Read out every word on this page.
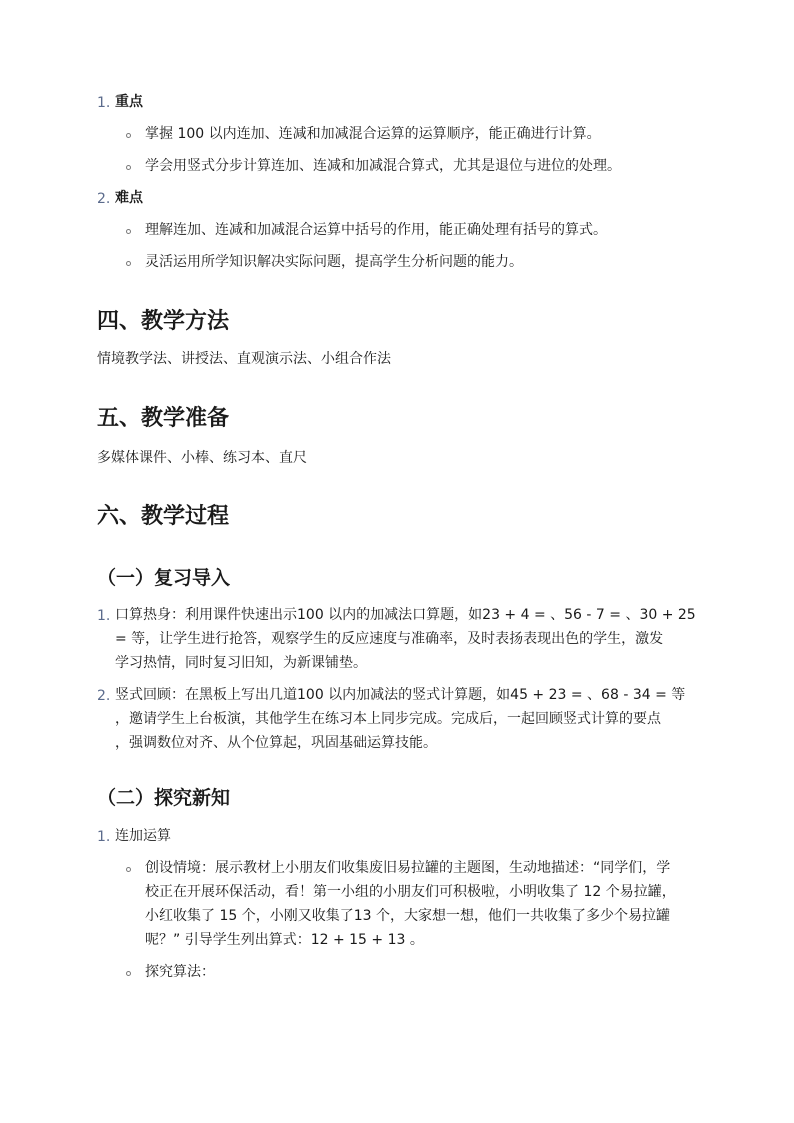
1. 重点
掌握 100 以内连加、连减和加减混合运算的运算顺序，能正确进行计算。
学会用竖式分步计算连加、连减和加减混合算式，尤其是退位与进位的处理。
2. 难点
理解连加、连减和加减混合运算中括号的作用，能正确处理有括号的算式。
灵活运用所学知识解决实际问题，提高学生分析问题的能力。
四、教学方法
情境教学法、讲授法、直观演示法、小组合作法
五、教学准备
多媒体课件、小棒、练习本、直尺
六、教学过程
（一）复习导入
1. 口算热身：利用课件快速出示100 以内的加减法口算题，如23 + 4 = 、56 - 7 = 、30 + 25
= 等，让学生进行抢答，观察学生的反应速度与准确率，及时表扬表现出色的学生，激发
学习热情，同时复习旧知，为新课铺垫。
2. 竖式回顾：在黑板上写出几道100 以内加减法的竖式计算题，如45 + 23 = 、68 - 34 = 等
，邀请学生上台板演，其他学生在练习本上同步完成。完成后，一起回顾竖式计算的要点
，强调数位对齐、从个位算起，巩固基础运算技能。
（二）探究新知
1. 连加运算
创设情境：展示教材上小朋友们收集废旧易拉罐的主题图，生动地描述：“同学们，学
校正在开展环保活动，看！第一小组的小朋友们可积极啦，小明收集了 12 个易拉罐，
小红收集了 15 个，小刚又收集了13 个，大家想一想，他们一共收集了多少个易拉罐
呢？” 引导学生列出算式：12 + 15 + 13 。
探究算法：
